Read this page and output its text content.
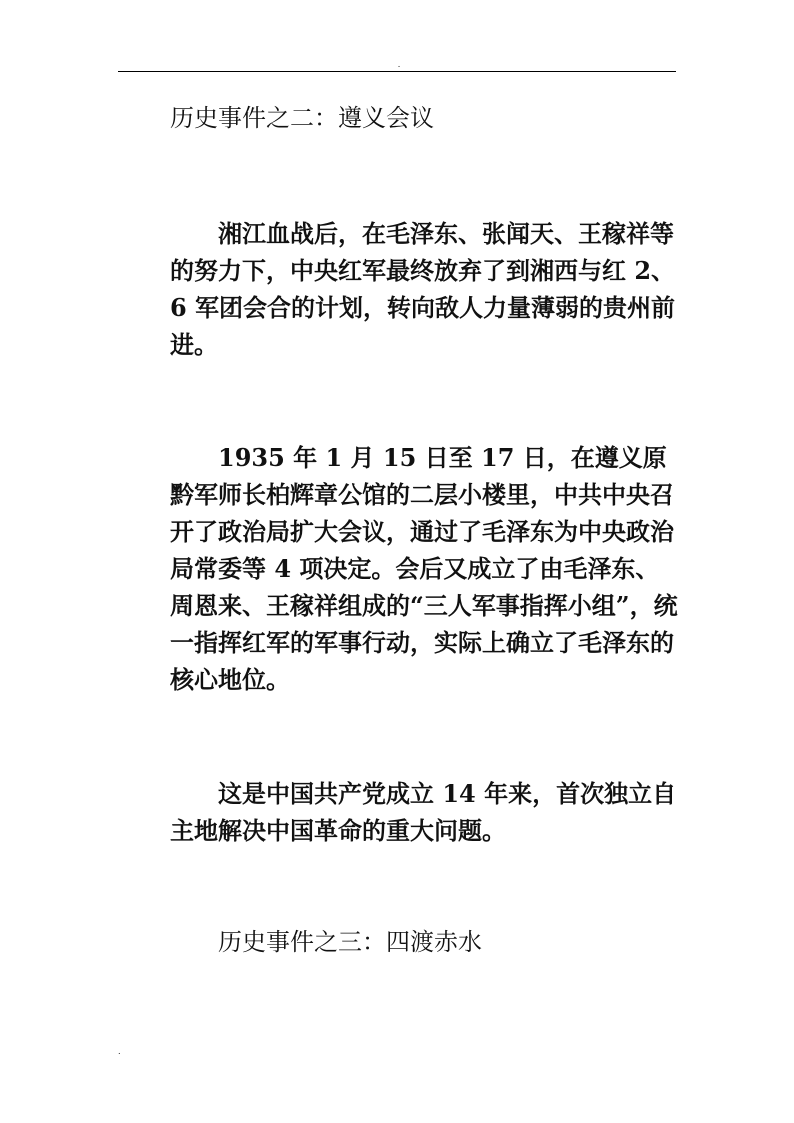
.
历史事件之二：遵义会议

湘江血战后，在毛泽东、张闻天、王稼祥等的努力下，中央红军最终放弃了到湘西与红 2、6 军团会合的计划，转向敌人力量薄弱的贵州前进。

1935 年 1 月 15 日至 17 日，在遵义原黔军师长柏辉章公馆的二层小楼里，中共中央召开了政治局扩大会议，通过了毛泽东为中央政治局常委等 4 项决定。会后又成立了由毛泽东、周恩来、王稼祥组成的“三人军事指挥小组”，统一指挥红军的军事行动，实际上确立了毛泽东的核心地位。

这是中国共产党成立 14 年来，首次独立自主地解决中国革命的重大问题。

历史事件之三：四渡赤水
.
